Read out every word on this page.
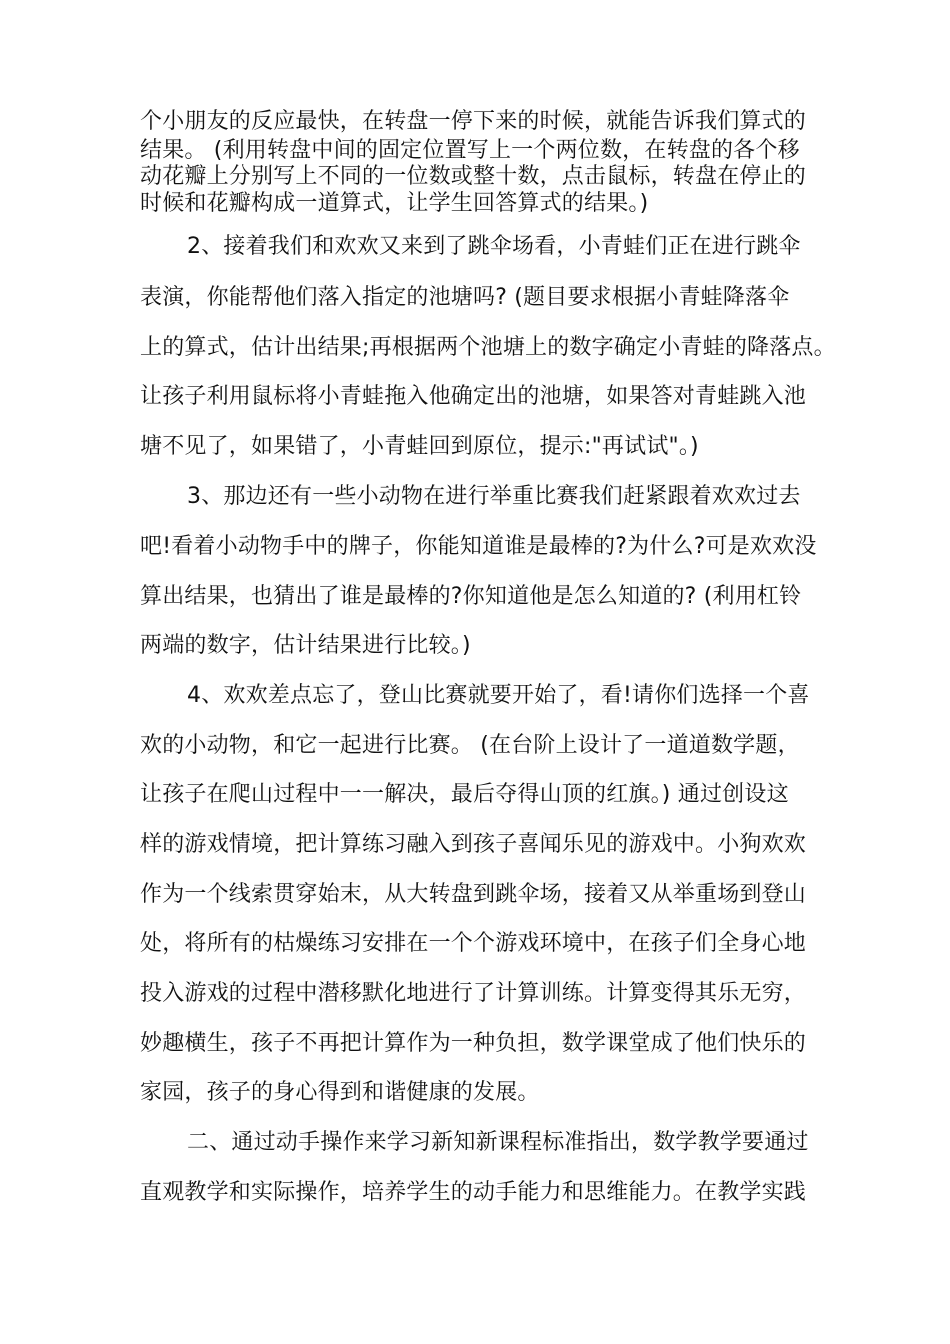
个小朋友的反应最快，在转盘一停下来的时候，就能告诉我们算式的
结果。 (利用转盘中间的固定位置写上一个两位数，在转盘的各个移
动花瓣上分别写上不同的一位数或整十数，点击鼠标，转盘在停止的
时候和花瓣构成一道算式，让学生回答算式的结果。)
2、接着我们和欢欢又来到了跳伞场看，小青蛙们正在进行跳伞
表演，你能帮他们落入指定的池塘吗? (题目要求根据小青蛙降落伞
上的算式，估计出结果;再根据两个池塘上的数字确定小青蛙的降落点。
让孩子利用鼠标将小青蛙拖入他确定出的池塘，如果答对青蛙跳入池
塘不见了，如果错了，小青蛙回到原位，提示:"再试试"。)
3、那边还有一些小动物在进行举重比赛我们赶紧跟着欢欢过去
吧!看着小动物手中的牌子，你能知道谁是最棒的?为什么?可是欢欢没
算出结果，也猜出了谁是最棒的?你知道他是怎么知道的? (利用杠铃
两端的数字，估计结果进行比较。)
4、欢欢差点忘了，登山比赛就要开始了，看!请你们选择一个喜
欢的小动物，和它一起进行比赛。 (在台阶上设计了一道道数学题，
让孩子在爬山过程中一一解决，最后夺得山顶的红旗。) 通过创设这
样的游戏情境，把计算练习融入到孩子喜闻乐见的游戏中。小狗欢欢
作为一个线索贯穿始末，从大转盘到跳伞场，接着又从举重场到登山
处，将所有的枯燥练习安排在一个个游戏环境中，在孩子们全身心地
投入游戏的过程中潜移默化地进行了计算训练。计算变得其乐无穷，
妙趣横生，孩子不再把计算作为一种负担，数学课堂成了他们快乐的
家园，孩子的身心得到和谐健康的发展。
二、通过动手操作来学习新知新课程标准指出，数学教学要通过
直观教学和实际操作，培养学生的动手能力和思维能力。在教学实践
